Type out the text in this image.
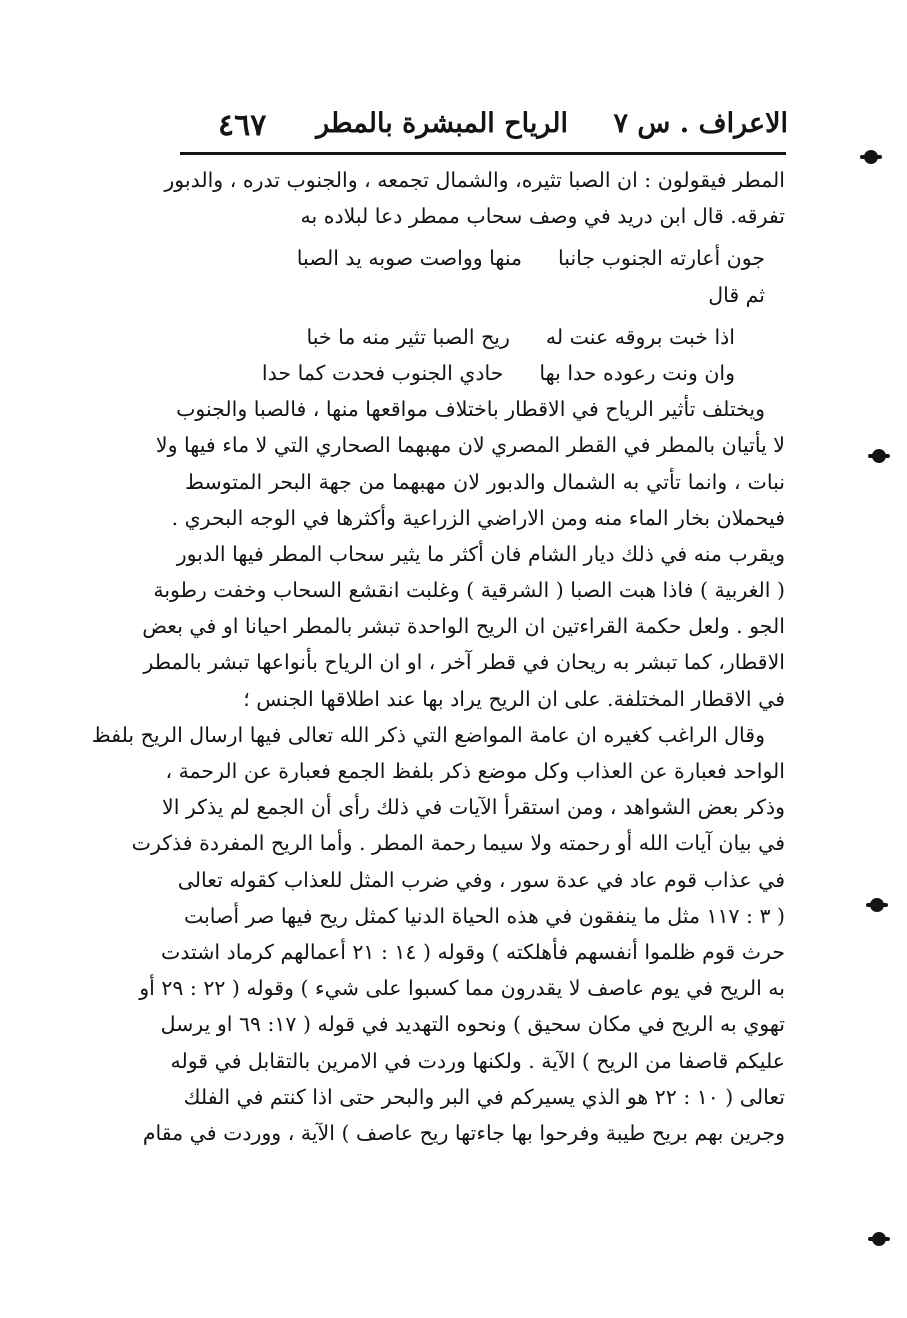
الاعراف . س ٧
الرياح المبشرة بالمطر
٤٦٧
المطر فيقولون : ان الصبا تثيره، والشمال تجمعه ، والجنوب تدره ، والدبور
تفرقه. قال ابن دريد في وصف سحاب ممطر دعا لبلاده به
جون أعارته الجنوب جانبا
منها وواصت صوبه يد الصبا
ثم قال
اذا خبت بروقه عنت له
ريح الصبا تثير منه ما خبا
وان ونت رعوده حدا بها
حادي الجنوب فحدت كما حدا
ويختلف تأثير الرياح في الاقطار باختلاف مواقعها منها ، فالصبا والجنوب
لا يأتيان بالمطر في القطر المصري لان مهبهما الصحاري التي لا ماء فيها ولا
نبات ، وانما تأتي به الشمال والدبور لان مهبهما من جهة البحر المتوسط
فيحملان بخار الماء منه ومن الاراضي الزراعية وأكثرها في الوجه البحري .
ويقرب منه في ذلك ديار الشام فان أكثر ما يثير سحاب المطر فيها الدبور
( الغربية ) فاذا هبت الصبا ( الشرقية ) وغلبت انقشع السحاب وخفت رطوبة
الجو . ولعل حكمة القراءتين ان الريح الواحدة تبشر بالمطر احيانا او في بعض
الاقطار، كما تبشر به ريحان في قطر آخر ، او ان الرياح بأنواعها تبشر بالمطر
في الاقطار المختلفة. على ان الريح يراد بها عند اطلاقها الجنس ؛
وقال الراغب كغيره ان عامة المواضع التي ذكر الله تعالى فيها ارسال الريح بلفظ
الواحد فعبارة عن العذاب وكل موضع ذكر بلفظ الجمع فعبارة عن الرحمة ،
وذكر بعض الشواهد ، ومن استقرأ الآيات في ذلك رأى أن الجمع لم يذكر الا
في بيان آيات الله أو رحمته ولا سيما رحمة المطر . وأما الريح المفردة فذكرت
في عذاب قوم عاد في عدة سور ، وفي ضرب المثل للعذاب كقوله تعالى
( ٣ : ١١٧ مثل ما ينفقون في هذه الحياة الدنيا كمثل ريح فيها صر أصابت
حرث قوم ظلموا أنفسهم فأهلكته ) وقوله ( ١٤ : ٢١ أعمالهم كرماد اشتدت
به الريح في يوم عاصف لا يقدرون مما كسبوا على شيء ) وقوله ( ٢٢ : ٢٩ أو
تهوي به الريح في مكان سحيق ) ونحوه التهديد في قوله ( ١٧: ٦٩ او يرسل
عليكم قاصفا من الريح ) الآية . ولكنها وردت في الامرين بالتقابل في قوله
تعالى ( ١٠ : ٢٢ هو الذي يسيركم في البر والبحر حتى اذا كنتم في الفلك
وجرين بهم بريح طيبة وفرحوا بها جاءتها ريح عاصف ) الآية ، ووردت في مقام
